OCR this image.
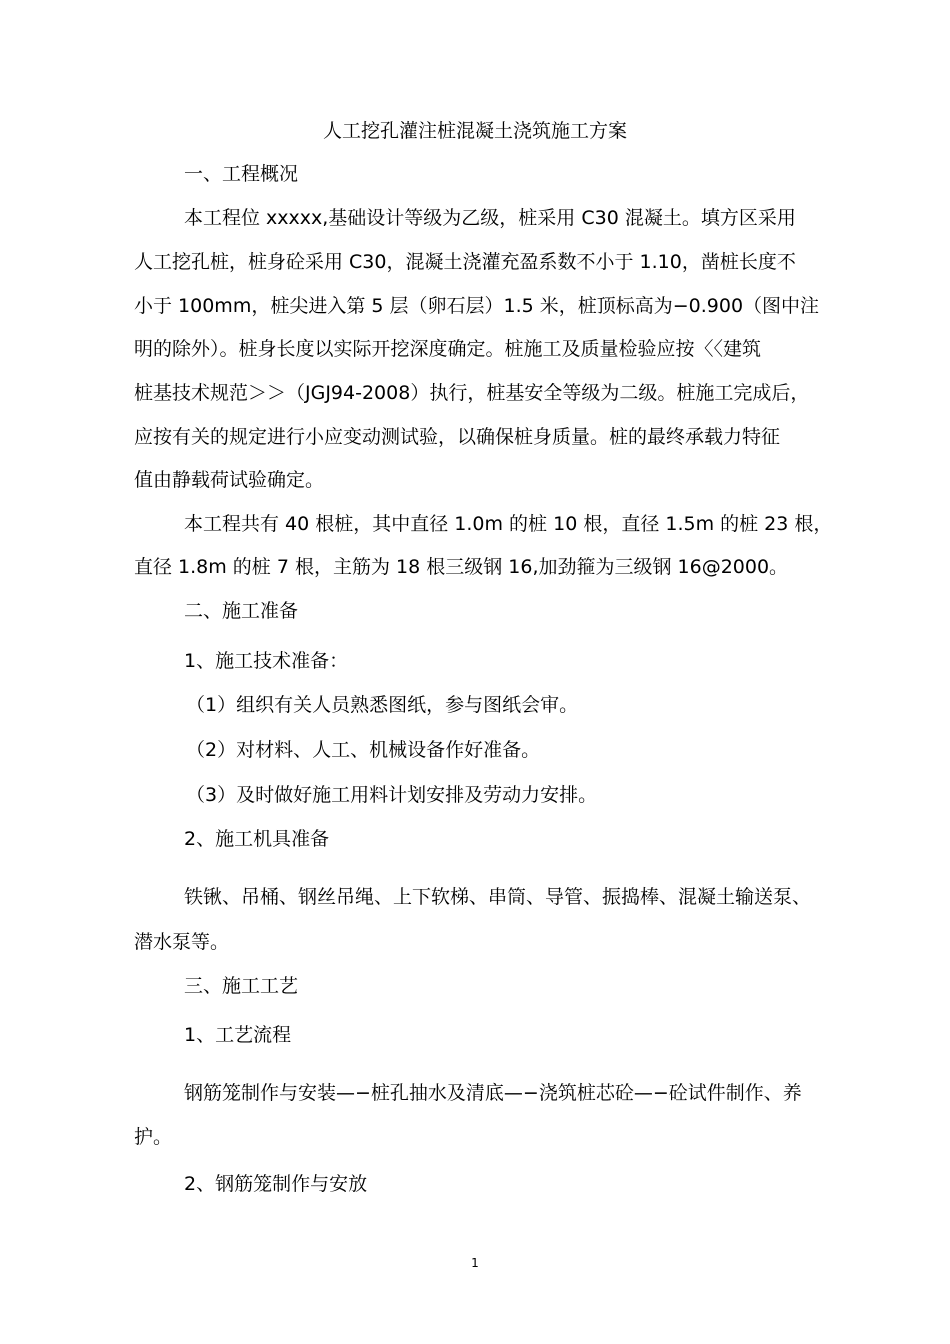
人工挖孔灌注桩混凝土浇筑施工方案
一、工程概况
本工程位 xxxxx,基础设计等级为乙级，桩采用 C30 混凝土。填方区采用
人工挖孔桩，桩身砼采用 C30，混凝土浇灌充盈系数不小于 1.10，凿桩长度不
小于 100mm，桩尖进入第 5 层（卵石层）1.5 米，桩顶标高为−0.900（图中注
明的除外）。桩身长度以实际开挖深度确定。桩施工及质量检验应按〈〈建筑
桩基技术规范＞＞（JGJ94-2008）执行，桩基安全等级为二级。桩施工完成后，
应按有关的规定进行小应变动测试验，以确保桩身质量。桩的最终承载力特征
值由静载荷试验确定。
本工程共有 40 根桩，其中直径 1.0m 的桩 10 根，直径 1.5m 的桩 23 根，
直径 1.8m 的桩 7 根，主筋为 18 根三级钢 16,加劲箍为三级钢 16@2000。
二、施工准备
1、施工技术准备：
（1）组织有关人员熟悉图纸，参与图纸会审。
（2）对材料、人工、机械设备作好准备。
（3）及时做好施工用料计划安排及劳动力安排。
2、施工机具准备
铁锹、吊桶、钢丝吊绳、上下软梯、串筒、导管、振捣棒、混凝土输送泵、
潜水泵等。
三、施工工艺
1、工艺流程
钢筋笼制作与安装—−桩孔抽水及清底—−浇筑桩芯砼—−砼试件制作、养
护。
2、钢筋笼制作与安放
1
